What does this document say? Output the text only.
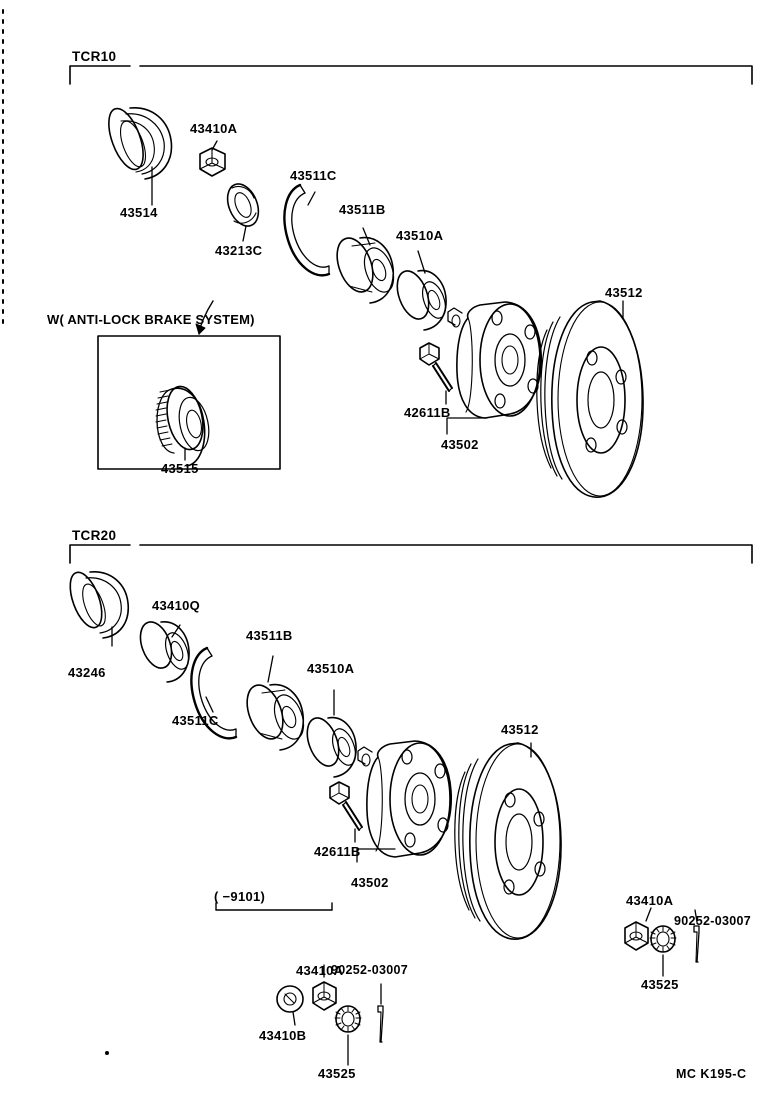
TCR10
TCR20
43410A
43514
43213C
43511C
43511B
43510A
43512
42611B
43502
43515
W( ANTI-LOCK BRAKE SYSTEM)
43410Q
43246
43511C
43511B
43510A
43512
42611B
43502
( −9101)	43410A
90252-03007
43525
43410A
90252-03007
43410B
43525	MC K195-C
